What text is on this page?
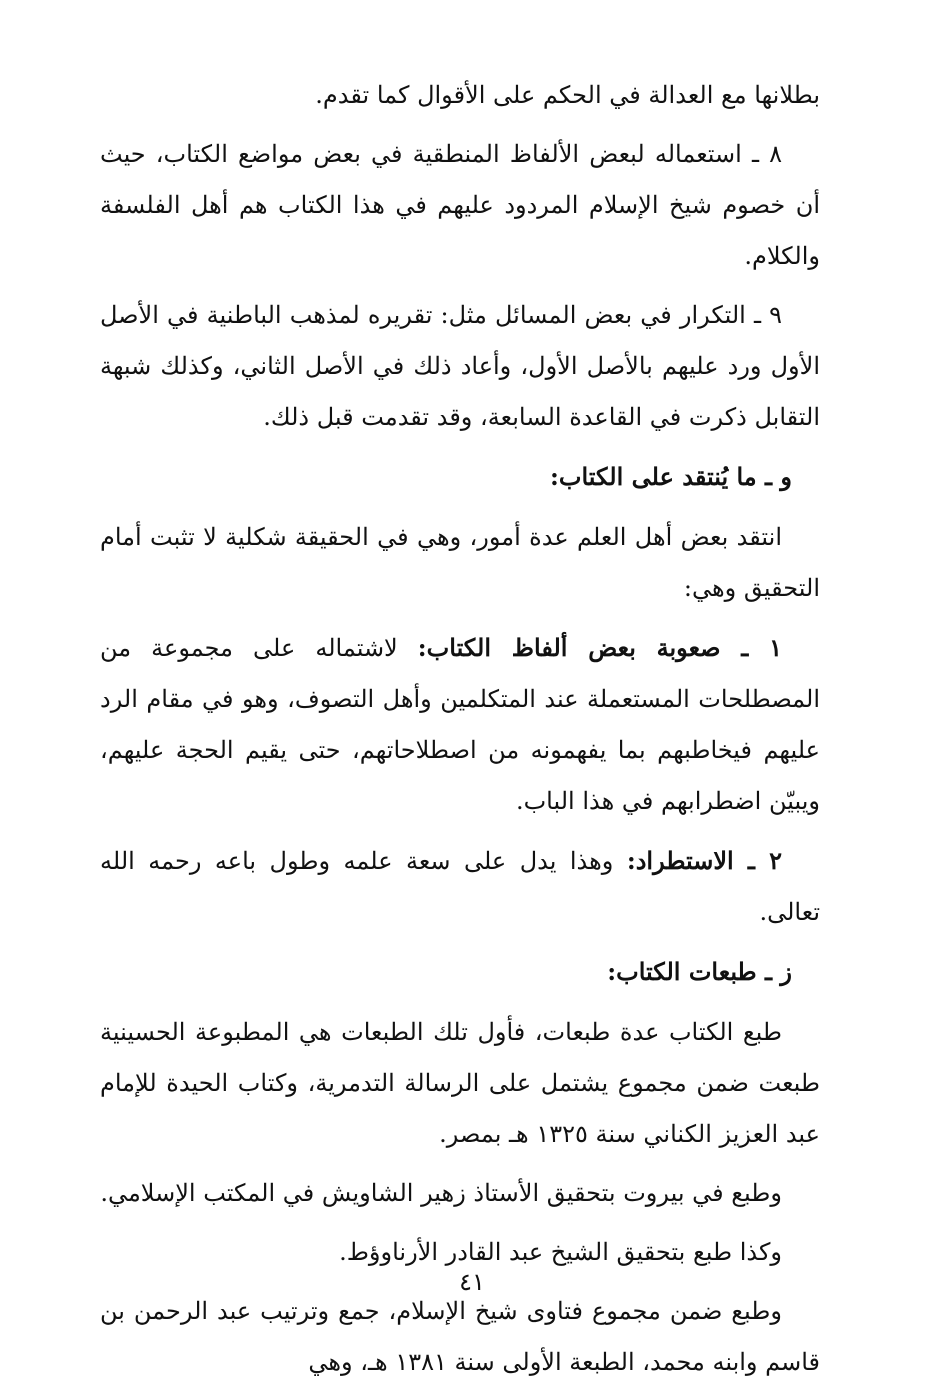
بطلانها مع العدالة في الحكم على الأقوال كما تقدم.

٨ ـ استعماله لبعض الألفاظ المنطقية في بعض مواضع الكتاب، حيث أن خصوم شيخ الإسلام المردود عليهم في هذا الكتاب هم أهل الفلسفة والكلام.

٩ ـ التكرار في بعض المسائل مثل: تقريره لمذهب الباطنية في الأصل الأول ورد عليهم بالأصل الأول، وأعاد ذلك في الأصل الثاني، وكذلك شبهة التقابل ذكرت في القاعدة السابعة، وقد تقدمت قبل ذلك.

و ـ ما يُنتقد على الكتاب:

انتقد بعض أهل العلم عدة أمور، وهي في الحقيقة شكلية لا تثبت أمام التحقيق وهي:

١ ـ صعوبة بعض ألفاظ الكتاب: لاشتماله على مجموعة من المصطلحات المستعملة عند المتكلمين وأهل التصوف، وهو في مقام الرد عليهم فيخاطبهم بما يفهمونه من اصطلاحاتهم، حتى يقيم الحجة عليهم، ويبيّن اضطرابهم في هذا الباب.

٢ ـ الاستطراد: وهذا يدل على سعة علمه وطول باعه رحمه الله تعالى.

ز ـ طبعات الكتاب:

طبع الكتاب عدة طبعات، فأول تلك الطبعات هي المطبوعة الحسينية طبعت ضمن مجموع يشتمل على الرسالة التدمرية، وكتاب الحيدة للإمام عبد العزيز الكناني سنة ١٣٢٥ هـ بمصر.

وطبع في بيروت بتحقيق الأستاذ زهير الشاويش في المكتب الإسلامي.

وكذا طبع بتحقيق الشيخ عبد القادر الأرناوؤط.

وطبع ضمن مجموع فتاوى شيخ الإسلام، جمع وترتيب عبد الرحمن بن قاسم وابنه محمد، الطبعة الأولى سنة ١٣٨١ هـ، وهي

٤١
